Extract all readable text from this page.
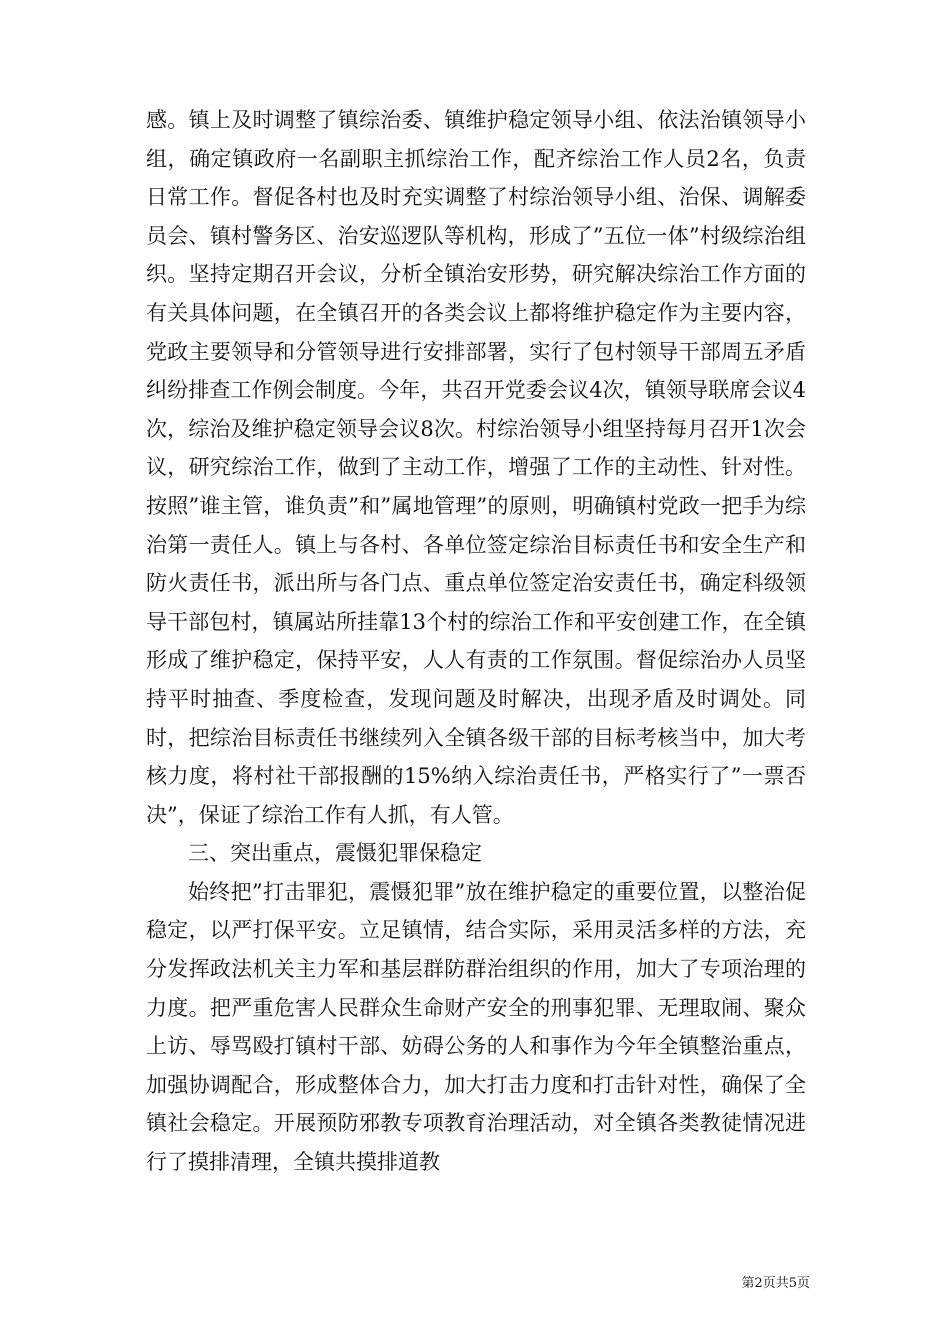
感。镇上及时调整了镇综治委、镇维护稳定领导小组、依法治镇领导小组，确定镇政府一名副职主抓综治工作，配齐综治工作人员2名，负责日常工作。督促各村也及时充实调整了村综治领导小组、治保、调解委员会、镇村警务区、治安巡逻队等机构，形成了”五位一体”村级综治组织。坚持定期召开会议，分析全镇治安形势，研究解决综治工作方面的有关具体问题，在全镇召开的各类会议上都将维护稳定作为主要内容，党政主要领导和分管领导进行安排部署，实行了包村领导干部周五矛盾纠纷排查工作例会制度。今年，共召开党委会议4次，镇领导联席会议4次，综治及维护稳定领导会议8次。村综治领导小组坚持每月召开1次会议，研究综治工作，做到了主动工作，增强了工作的主动性、针对性。按照”谁主管，谁负责”和”属地管理”的原则，明确镇村党政一把手为综治第一责任人。镇上与各村、各单位签定综治目标责任书和安全生产和防火责任书，派出所与各门点、重点单位签定治安责任书，确定科级领导干部包村，镇属站所挂靠13个村的综治工作和平安创建工作，在全镇形成了维护稳定，保持平安，人人有责的工作氛围。督促综治办人员坚持平时抽查、季度检查，发现问题及时解决，出现矛盾及时调处。同时，把综治目标责任书继续列入全镇各级干部的目标考核当中，加大考核力度，将村社干部报酬的15%纳入综治责任书，严格实行了”一票否决”，保证了综治工作有人抓，有人管。

三、突出重点，震慑犯罪保稳定

始终把”打击罪犯，震慑犯罪”放在维护稳定的重要位置，以整治促稳定，以严打保平安。立足镇情，结合实际，采用灵活多样的方法，充分发挥政法机关主力军和基层群防群治组织的作用，加大了专项治理的力度。把严重危害人民群众生命财产安全的刑事犯罪、无理取闹、聚众上访、辱骂殴打镇村干部、妨碍公务的人和事作为今年全镇整治重点，加强协调配合，形成整体合力，加大打击力度和打击针对性，确保了全镇社会稳定。开展预防邪教专项教育治理活动，对全镇各类教徒情况进行了摸排清理，全镇共摸排道教

第2页共5页
